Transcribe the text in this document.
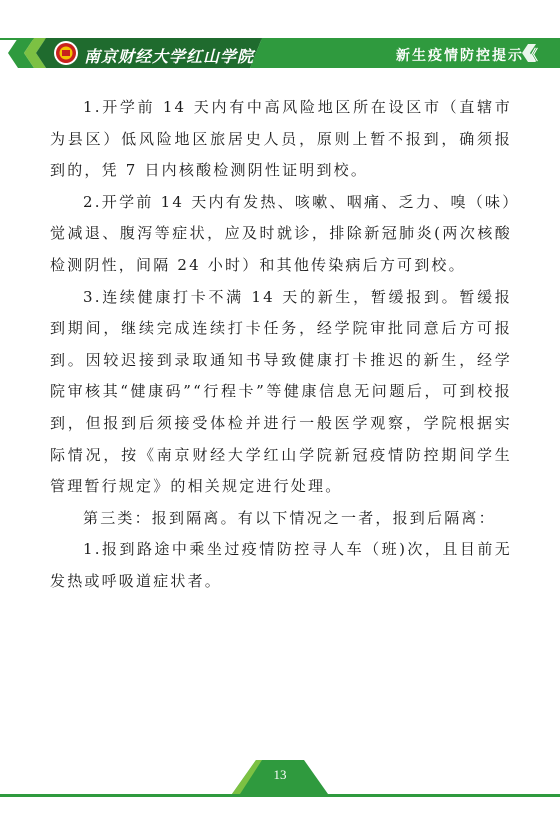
南京财经大学红山学院	新生疫情防控提示《

1.开学前 14 天内有中高风险地区所在设区市（直辖市为县区）低风险地区旅居史人员，原则上暂不报到，确须报到的，凭 7 日内核酸检测阴性证明到校。

2.开学前 14 天内有发热、咳嗽、咽痛、乏力、嗅（味）觉减退、腹泻等症状，应及时就诊，排除新冠肺炎(两次核酸检测阴性，间隔 24 小时）和其他传染病后方可到校。

3.连续健康打卡不满 14 天的新生，暂缓报到。暂缓报到期间，继续完成连续打卡任务，经学院审批同意后方可报到。因较迟接到录取通知书导致健康打卡推迟的新生，经学院审核其“健康码”“行程卡”等健康信息无问题后，可到校报到，但报到后须接受体检并进行一般医学观察，学院根据实际情况，按《南京财经大学红山学院新冠疫情防控期间学生管理暂行规定》的相关规定进行处理。

第三类：报到隔离。有以下情况之一者，报到后隔离：

1.报到路途中乘坐过疫情防控寻人车（班)次，且目前无发热或呼吸道症状者。

13
